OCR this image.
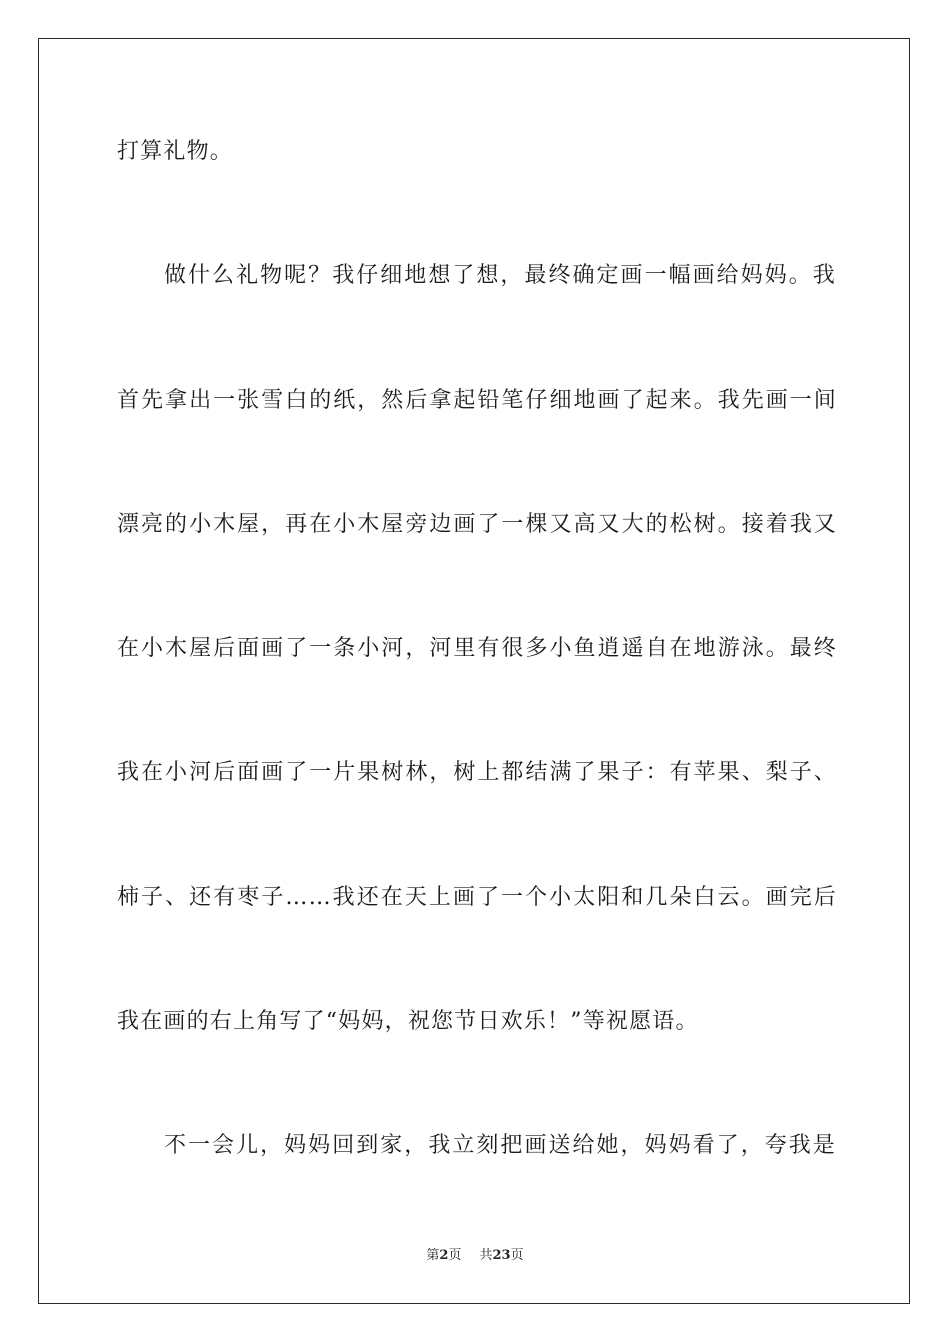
打算礼物。
做什么礼物呢？我仔细地想了想，最终确定画一幅画给妈妈。我
首先拿出一张雪白的纸，然后拿起铅笔仔细地画了起来。我先画一间
漂亮的小木屋，再在小木屋旁边画了一棵又高又大的松树。接着我又
在小木屋后面画了一条小河，河里有很多小鱼逍遥自在地游泳。最终
我在小河后面画了一片果树林，树上都结满了果子：有苹果、梨子、
柿子、还有枣子……我还在天上画了一个小太阳和几朵白云。画完后
我在画的右上角写了“妈妈，祝您节日欢乐！”等祝愿语。
不一会儿，妈妈回到家，我立刻把画送给她，妈妈看了，夸我是
第2页 共23页
